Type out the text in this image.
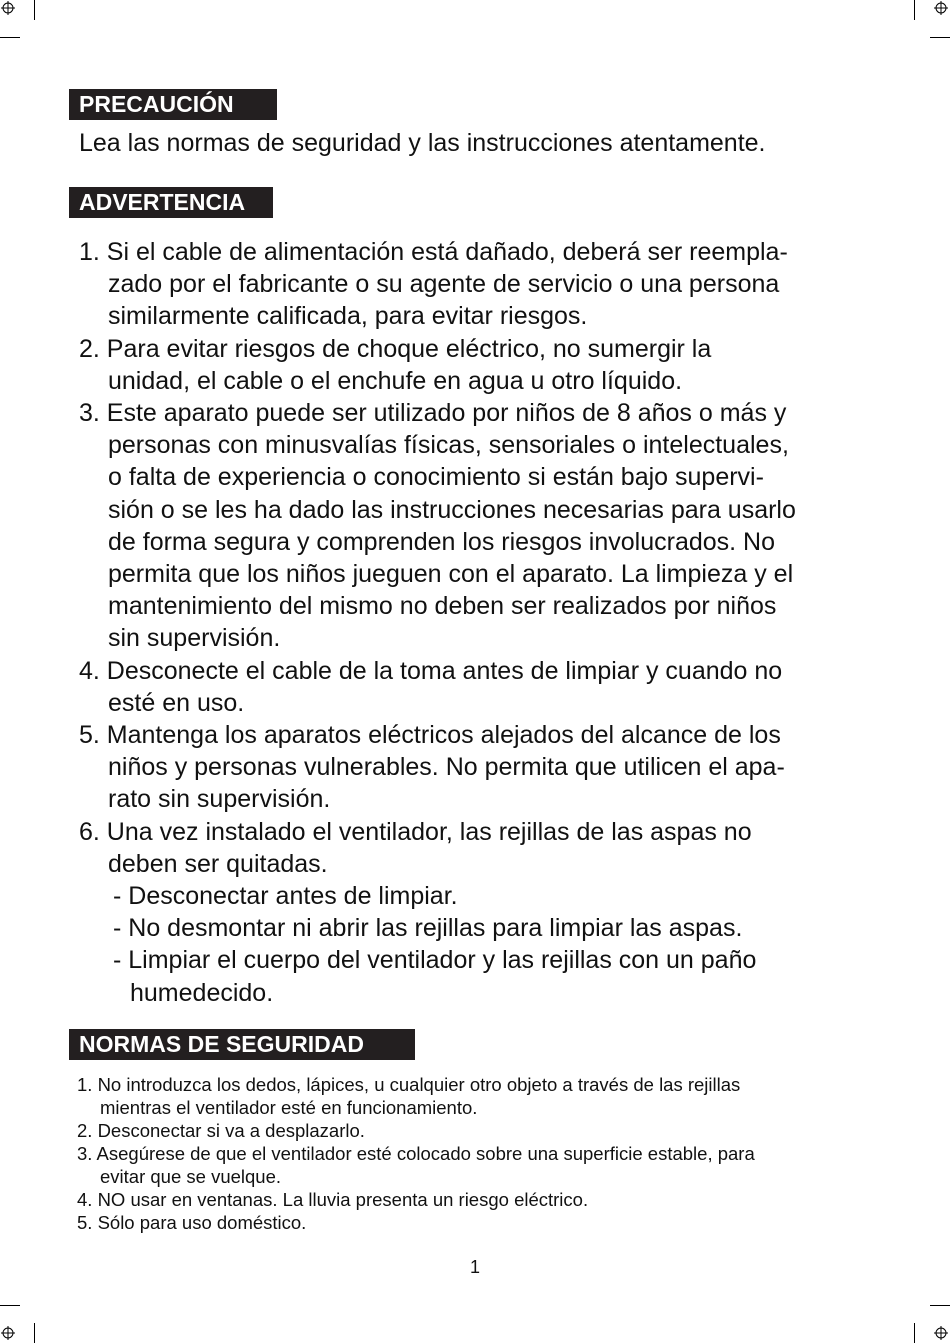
PRECAUCIÓN
Lea las normas de seguridad y las instrucciones atentamente.
ADVERTENCIA
1. Si el cable de alimentación está dañado, deberá ser reempla-
zado por el fabricante o su agente de servicio o una persona
similarmente calificada, para evitar riesgos.
2. Para evitar riesgos de choque eléctrico, no sumergir la
unidad, el cable o el enchufe en agua u otro líquido.
3. Este aparato puede ser utilizado por niños de 8 años o más y
personas con minusvalías físicas, sensoriales o intelectuales,
o falta de experiencia o conocimiento si están bajo supervi-
sión o se les ha dado las instrucciones necesarias para usarlo
de forma segura y comprenden los riesgos involucrados. No
permita que los niños jueguen con el aparato. La limpieza y el
mantenimiento del mismo no deben ser realizados por niños
sin supervisión.
4. Desconecte el cable de la toma antes de limpiar y cuando no
esté en uso.
5. Mantenga los aparatos eléctricos alejados del alcance de los
niños y personas vulnerables. No permita que utilicen el apa-
rato sin supervisión.
6. Una vez instalado el ventilador, las rejillas de las aspas no
deben ser quitadas.
- Desconectar antes de limpiar.
- No desmontar ni abrir las rejillas para limpiar las aspas.
- Limpiar el cuerpo del ventilador y las rejillas con un paño
humedecido.
NORMAS DE SEGURIDAD
1. No introduzca los dedos, lápices, u cualquier otro objeto a través de las rejillas
mientras el ventilador esté en funcionamiento.
2. Desconectar si va a desplazarlo.
3. Asegúrese de que el ventilador esté colocado sobre una superficie estable, para
evitar que se vuelque.
4. NO usar en ventanas. La lluvia presenta un riesgo eléctrico.
5. Sólo para uso doméstico.
1
